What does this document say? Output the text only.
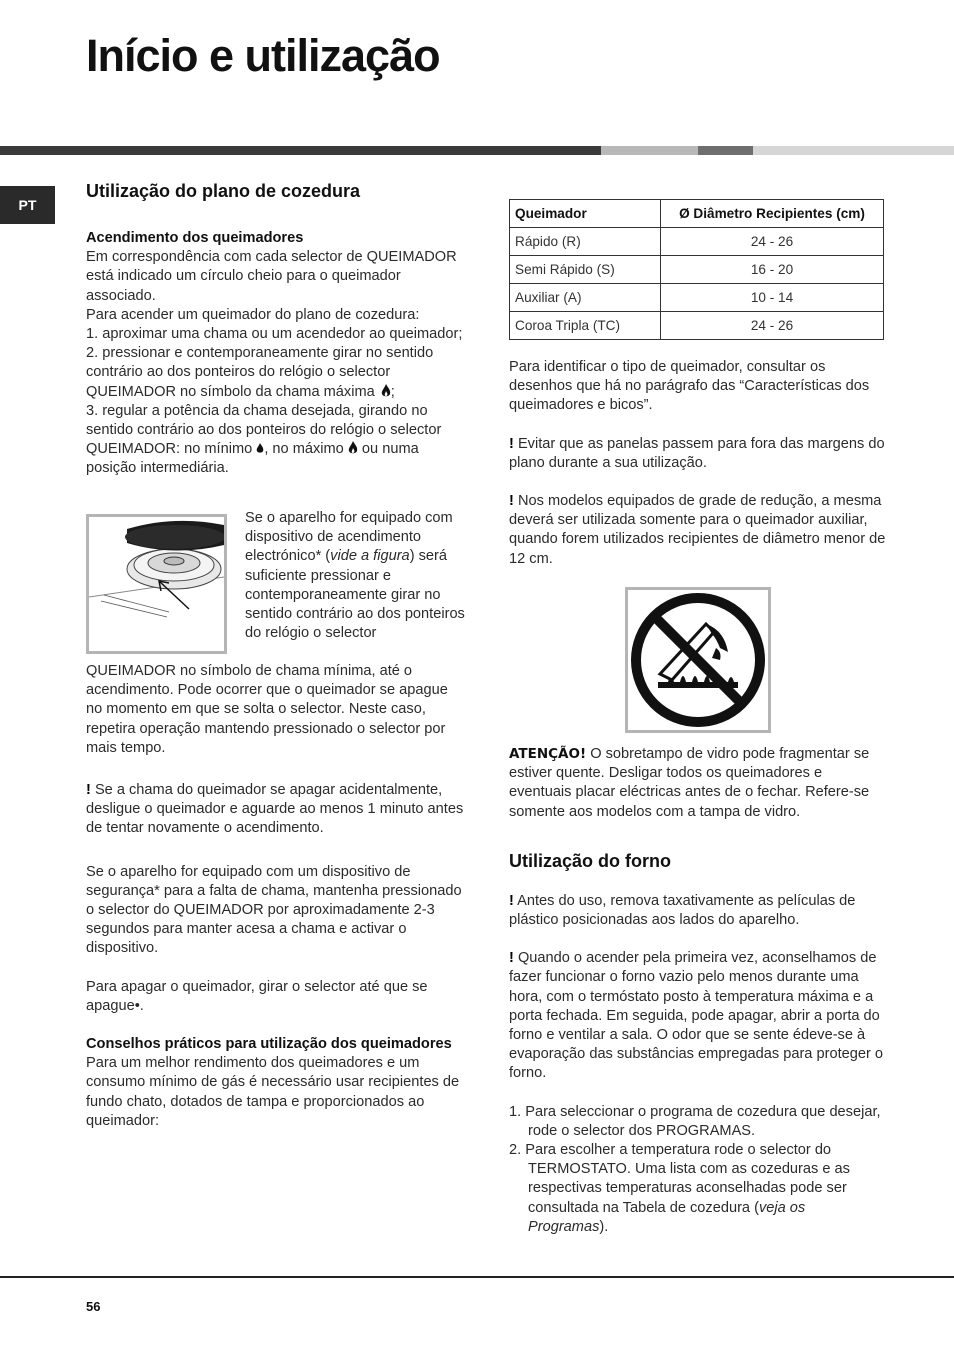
Início e utilização
PT

Utilização do plano de cozedura

Acendimento dos queimadores

Em correspondência com cada selector de QUEIMADOR está indicado um círculo cheio para o queimador associado.

Para acender um queimador do plano de cozedura:

1. aproximar uma chama ou um acendedor ao queimador;

2. pressionar e contemporaneamente girar no sentido contrário ao dos ponteiros do relógio o selector QUEIMADOR no símbolo da chama máxima ;

3. regular a potência da chama desejada, girando no sentido contrário ao dos ponteiros do relógio o selector QUEIMADOR: no mínimo , no máximo ou numa posição intermediária.

Se o aparelho for equipado com dispositivo de acendimento electrónico* (vide a figura) será suficiente pressionar e contemporaneamente girar no sentido contrário ao dos ponteiros do relógio o selector

QUEIMADOR no símbolo de chama mínima, até o acendimento. Pode ocorrer que o queimador se apague no momento em que se solta o selector. Neste caso, repetira operação mantendo pressionado o selector por mais tempo.

! Se a chama do queimador se apagar acidentalmente, desligue o queimador e aguarde ao menos 1 minuto antes de tentar novamente o acendimento.

Se o aparelho for equipado com um dispositivo de segurança* para a falta de chama, mantenha pressionado o selector do QUEIMADOR por aproximadamente 2-3 segundos para manter acesa a chama e activar o dispositivo.

Para apagar o queimador, girar o selector até que se apague•.

Conselhos práticos para utilização dos queimadores

Para um melhor rendimento dos queimadores e um consumo mínimo de gás é necessário usar recipientes de fundo chato, dotados de tampa e proporcionados ao queimador:

Queimador	Ø Diâmetro Recipientes (cm)
Rápido (R)	24 - 26
Semi Rápido (S)	16 - 20
Auxiliar (A)	10 - 14
Coroa Tripla (TC)	24 - 26

Para identificar o tipo de queimador, consultar os desenhos que há no parágrafo das “Características dos queimadores e bicos”.

! Evitar que as panelas passem para fora das margens do plano durante a sua utilização.

! Nos modelos equipados de grade de redução, a mesma deverá ser utilizada somente para o queimador auxiliar, quando forem utilizados recipientes de diâmetro menor de 12 cm.

ATENÇÃO! O sobretampo de vidro pode fragmentar se estiver quente. Desligar todos os queimadores e eventuais placar eléctricas antes de o fechar. Refere-se somente aos modelos com a tampa de vidro.

Utilização do forno

! Antes do uso, remova taxativamente as películas de plástico posicionadas aos lados do aparelho.

! Quando o acender pela primeira vez, aconselhamos de fazer funcionar o forno vazio pelo menos durante uma hora, com o termóstato posto à temperatura máxima e a porta fechada. Em seguida, pode apagar, abrir a porta do forno e ventilar a sala. O odor que se sente édeve-se à evaporação das substâncias empregadas para proteger o forno.

1. Para seleccionar o programa de cozedura que desejar, rode o selector dos PROGRAMAS.

2. Para escolher a temperatura rode o selector do TERMOSTATO. Uma lista com as cozeduras e as respectivas temperaturas aconselhadas pode ser consultada na Tabela de cozedura (veja os Programas).

56
